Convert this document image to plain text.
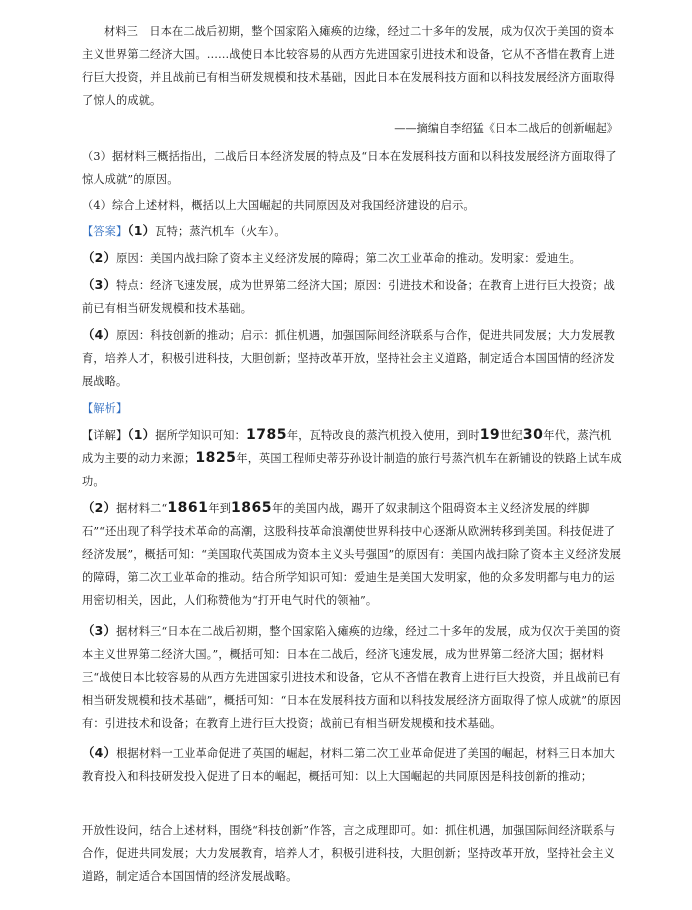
材料三　日本在二战后初期，整个国家陷入瘫痪的边缘，经过二十多年的发展，成为仅次于美国的资本主义世界第二经济大国。……战使日本比较容易的从西方先进国家引进技术和设备，它从不吝惜在教育上进行巨大投资，并且战前已有相当研发规模和技术基础，因此日本在发展科技方面和以科技发展经济方面取得了惊人的成就。

——摘编自李绍猛《日本二战后的创新崛起》

（3）据材料三概括指出，二战后日本经济发展的特点及“日本在发展科技方面和以科技发展经济方面取得了惊人成就”的原因。

（4）综合上述材料，概括以上大国崛起的共同原因及对我国经济建设的启示。

【答案】（1）瓦特；蒸汽机车（火车）。

（2）原因：美国内战扫除了资本主义经济发展的障碍；第二次工业革命的推动。发明家：爱迪生。

（3）特点：经济飞速发展，成为世界第二经济大国；原因：引进技术和设备；在教育上进行巨大投资；战前已有相当研发规模和技术基础。

（4）原因：科技创新的推动；启示：抓住机遇，加强国际间经济联系与合作，促进共同发展；大力发展教育，培养人才，积极引进科技，大胆创新；坚持改革开放，坚持社会主义道路，制定适合本国国情的经济发展战略。

【解析】

【详解】（1）据所学知识可知：1785年，瓦特改良的蒸汽机投入使用，到时19世纪30年代，蒸汽机成为主要的动力来源；1825年，英国工程师史蒂芬孙设计制造的旅行号蒸汽机车在新铺设的铁路上试车成功。

（2）据材料二“1861年到1865年的美国内战，踢开了奴隶制这个阻碍资本主义经济发展的绊脚石”“还出现了科学技术革命的高潮，这股科技革命浪潮使世界科技中心逐渐从欧洲转移到美国。科技促进了经济发展”，概括可知：“美国取代英国成为资本主义头号强国”的原因有：美国内战扫除了资本主义经济发展的障碍，第二次工业革命的推动。结合所学知识可知：爱迪生是美国大发明家，他的众多发明都与电力的运用密切相关，因此，人们称赞他为“打开电气时代的领袖”。

（3）据材料三“日本在二战后初期，整个国家陷入瘫痪的边缘，经过二十多年的发展，成为仅次于美国的资本主义世界第二经济大国。”，概括可知：日本在二战后，经济飞速发展，成为世界第二经济大国；据材料三“战使日本比较容易的从西方先进国家引进技术和设备，它从不吝惜在教育上进行巨大投资，并且战前已有相当研发规模和技术基础”，概括可知：“日本在发展科技方面和以科技发展经济方面取得了惊人成就”的原因有：引进技术和设备；在教育上进行巨大投资；战前已有相当研发规模和技术基础。

（4）根据材料一工业革命促进了英国的崛起，材料二第二次工业革命促进了美国的崛起，材料三日本加大教育投入和科技研发投入促进了日本的崛起，概括可知：以上大国崛起的共同原因是科技创新的推动；

开放性设问，结合上述材料，围绕“科技创新”作答，言之成理即可。如：抓住机遇，加强国际间经济联系与合作，促进共同发展；大力发展教育，培养人才，积极引进科技，大胆创新；坚持改革开放，坚持社会主义道路，制定适合本国国情的经济发展战略。
